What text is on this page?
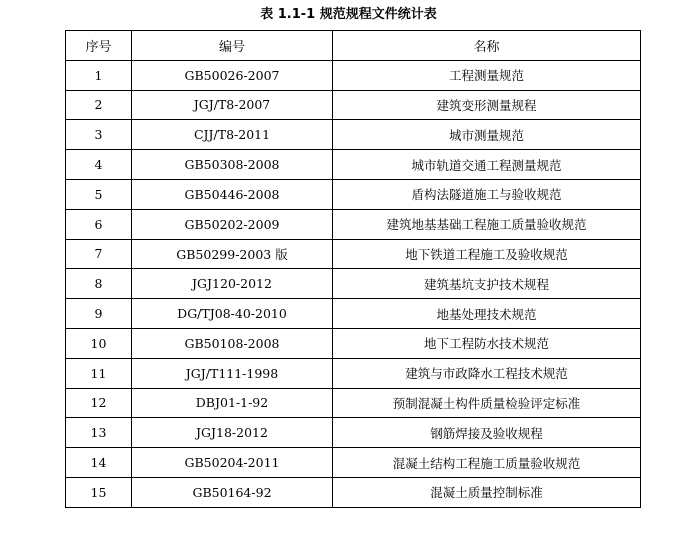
表 1.1-1 规范规程文件统计表
序号	编号	名称
1	GB50026-2007	工程测量规范
2	JGJ/T8-2007	建筑变形测量规程
3	CJJ/T8-2011	城市测量规范
4	GB50308-2008	城市轨道交通工程测量规范
5	GB50446-2008	盾构法隧道施工与验收规范
6	GB50202-2009	建筑地基基础工程施工质量验收规范
7	GB50299-2003 版	地下铁道工程施工及验收规范
8	JGJ120-2012	建筑基坑支护技术规程
9	DG/TJ08-40-2010	地基处理技术规范
10	GB50108-2008	地下工程防水技术规范
11	JGJ/T111-1998	建筑与市政降水工程技术规范
12	DBJ01-1-92	预制混凝土构件质量检验评定标准
13	JGJ18-2012	钢筋焊接及验收规程
14	GB50204-2011	混凝土结构工程施工质量验收规范
15	GB50164-92	混凝土质量控制标准
